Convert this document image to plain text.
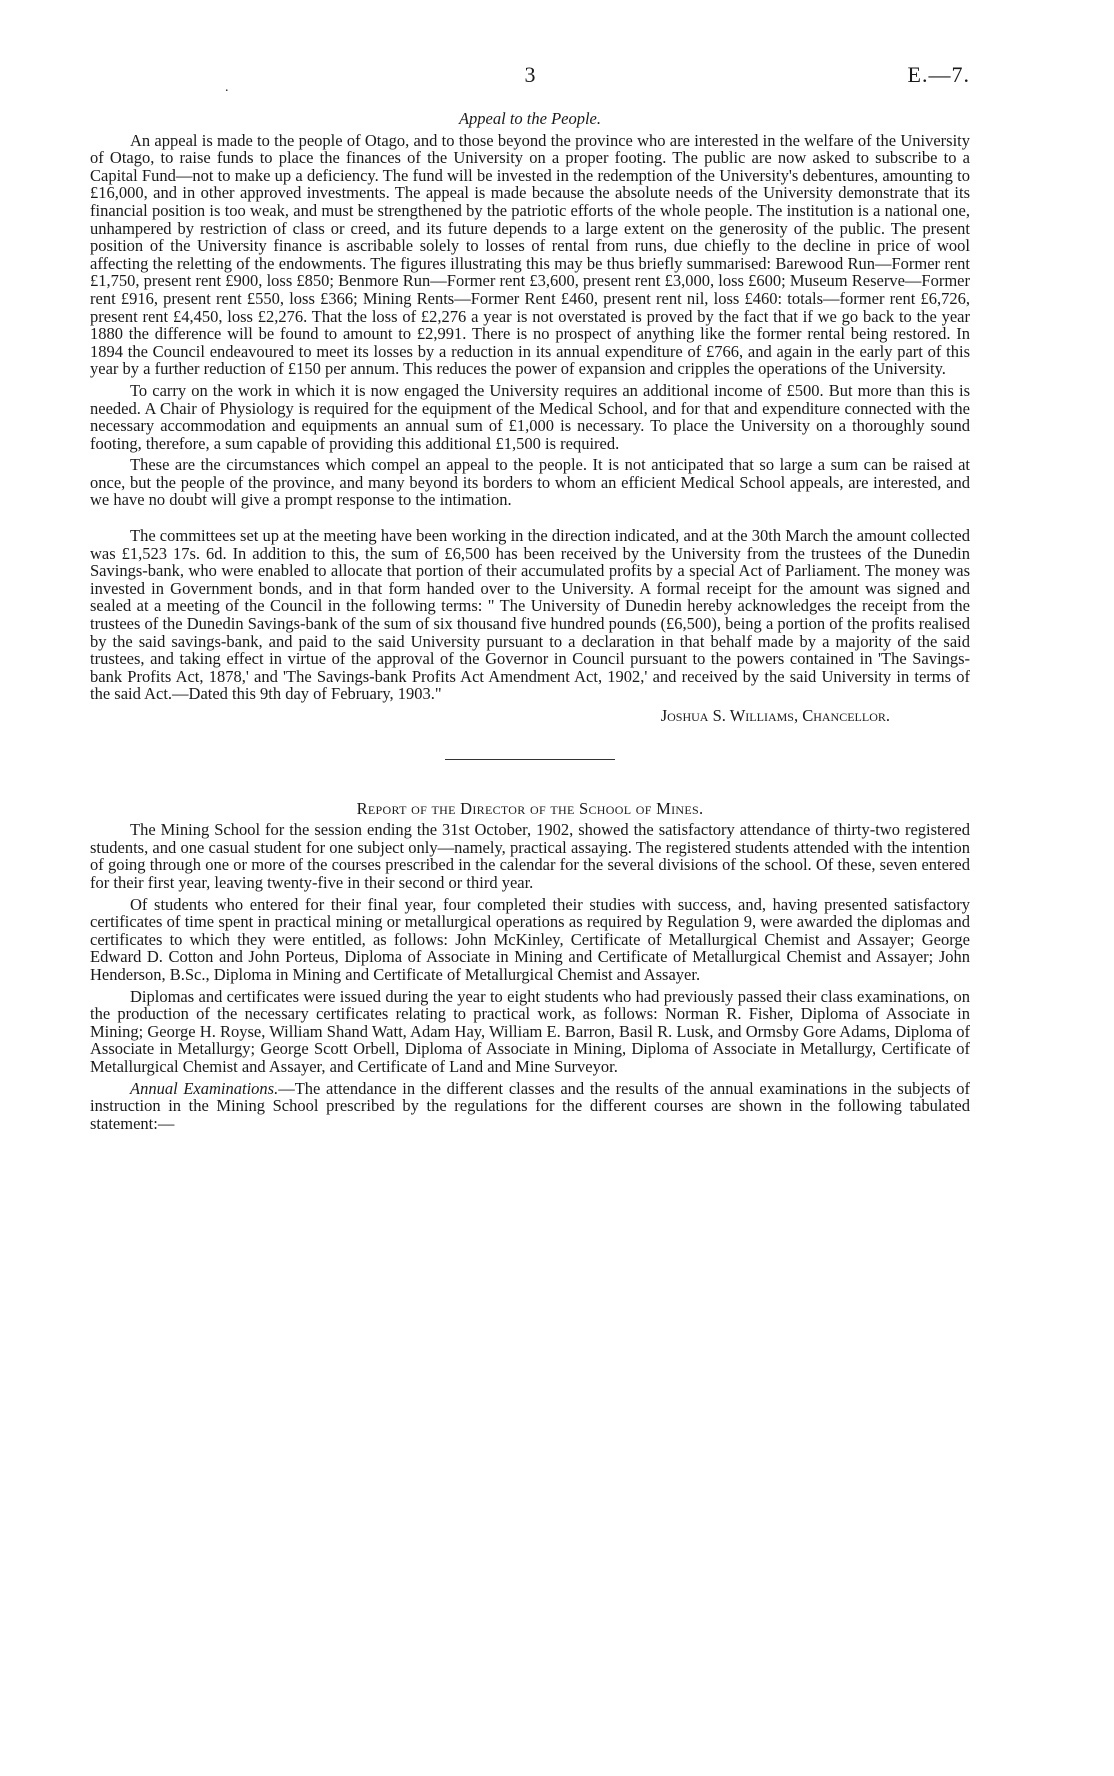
.
3	E.—7.
Appeal to the People.

An appeal is made to the people of Otago, and to those beyond the province who are interested in the welfare of the University of Otago, to raise funds to place the finances of the University on a proper footing. The public are now asked to subscribe to a Capital Fund—not to make up a deficiency. The fund will be invested in the redemption of the University's debentures, amounting to £16,000, and in other approved investments. The appeal is made because the absolute needs of the University demonstrate that its financial position is too weak, and must be strengthened by the patriotic efforts of the whole people. The institution is a national one, unhampered by restriction of class or creed, and its future depends to a large extent on the generosity of the public. The present position of the University finance is ascribable solely to losses of rental from runs, due chiefly to the decline in price of wool affecting the reletting of the endowments. The figures illustrating this may be thus briefly summarised: Barewood Run—Former rent £1,750, present rent £900, loss £850; Benmore Run—Former rent £3,600, present rent £3,000, loss £600; Museum Reserve—Former rent £916, present rent £550, loss £366; Mining Rents—Former Rent £460, present rent nil, loss £460: totals—former rent £6,726, present rent £4,450, loss £2,276. That the loss of £2,276 a year is not overstated is proved by the fact that if we go back to the year 1880 the difference will be found to amount to £2,991. There is no prospect of anything like the former rental being restored. In 1894 the Council endeavoured to meet its losses by a reduction in its annual expenditure of £766, and again in the early part of this year by a further reduction of £150 per annum. This reduces the power of expansion and cripples the operations of the University.

To carry on the work in which it is now engaged the University requires an additional income of £500. But more than this is needed. A Chair of Physiology is required for the equipment of the Medical School, and for that and expenditure connected with the necessary accommodation and equipments an annual sum of £1,000 is necessary. To place the University on a thoroughly sound footing, therefore, a sum capable of providing this additional £1,500 is required.

These are the circumstances which compel an appeal to the people. It is not anticipated that so large a sum can be raised at once, but the people of the province, and many beyond its borders to whom an efficient Medical School appeals, are interested, and we have no doubt will give a prompt response to the intimation.

The committees set up at the meeting have been working in the direction indicated, and at the 30th March the amount collected was £1,523 17s. 6d. In addition to this, the sum of £6,500 has been received by the University from the trustees of the Dunedin Savings-bank, who were enabled to allocate that portion of their accumulated profits by a special Act of Parliament. The money was invested in Government bonds, and in that form handed over to the University. A formal receipt for the amount was signed and sealed at a meeting of the Council in the following terms: " The University of Dunedin hereby acknowledges the receipt from the trustees of the Dunedin Savings-bank of the sum of six thousand five hundred pounds (£6,500), being a portion of the profits realised by the said savings-bank, and paid to the said University pursuant to a declaration in that behalf made by a majority of the said trustees, and taking effect in virtue of the approval of the Governor in Council pursuant to the powers contained in 'The Savings-bank Profits Act, 1878,' and 'The Savings-bank Profits Act Amendment Act, 1902,' and received by the said University in terms of the said Act.—Dated this 9th day of February, 1903."

Joshua S. Williams, Chancellor.
Report of the Director of the School of Mines.

The Mining School for the session ending the 31st October, 1902, showed the satisfactory attendance of thirty-two registered students, and one casual student for one subject only—namely, practical assaying. The registered students attended with the intention of going through one or more of the courses prescribed in the calendar for the several divisions of the school. Of these, seven entered for their first year, leaving twenty-five in their second or third year.

Of students who entered for their final year, four completed their studies with success, and, having presented satisfactory certificates of time spent in practical mining or metallurgical operations as required by Regulation 9, were awarded the diplomas and certificates to which they were entitled, as follows: John McKinley, Certificate of Metallurgical Chemist and Assayer; George Edward D. Cotton and John Porteus, Diploma of Associate in Mining and Certificate of Metallurgical Chemist and Assayer; John Henderson, B.Sc., Diploma in Mining and Certificate of Metallurgical Chemist and Assayer.

Diplomas and certificates were issued during the year to eight students who had previously passed their class examinations, on the production of the necessary certificates relating to practical work, as follows: Norman R. Fisher, Diploma of Associate in Mining; George H. Royse, William Shand Watt, Adam Hay, William E. Barron, Basil R. Lusk, and Ormsby Gore Adams, Diploma of Associate in Metallurgy; George Scott Orbell, Diploma of Associate in Mining, Diploma of Associate in Metallurgy, Certificate of Metallurgical Chemist and Assayer, and Certificate of Land and Mine Surveyor.

Annual Examinations.—The attendance in the different classes and the results of the annual examinations in the subjects of instruction in the Mining School prescribed by the regulations for the different courses are shown in the following tabulated statement:—
